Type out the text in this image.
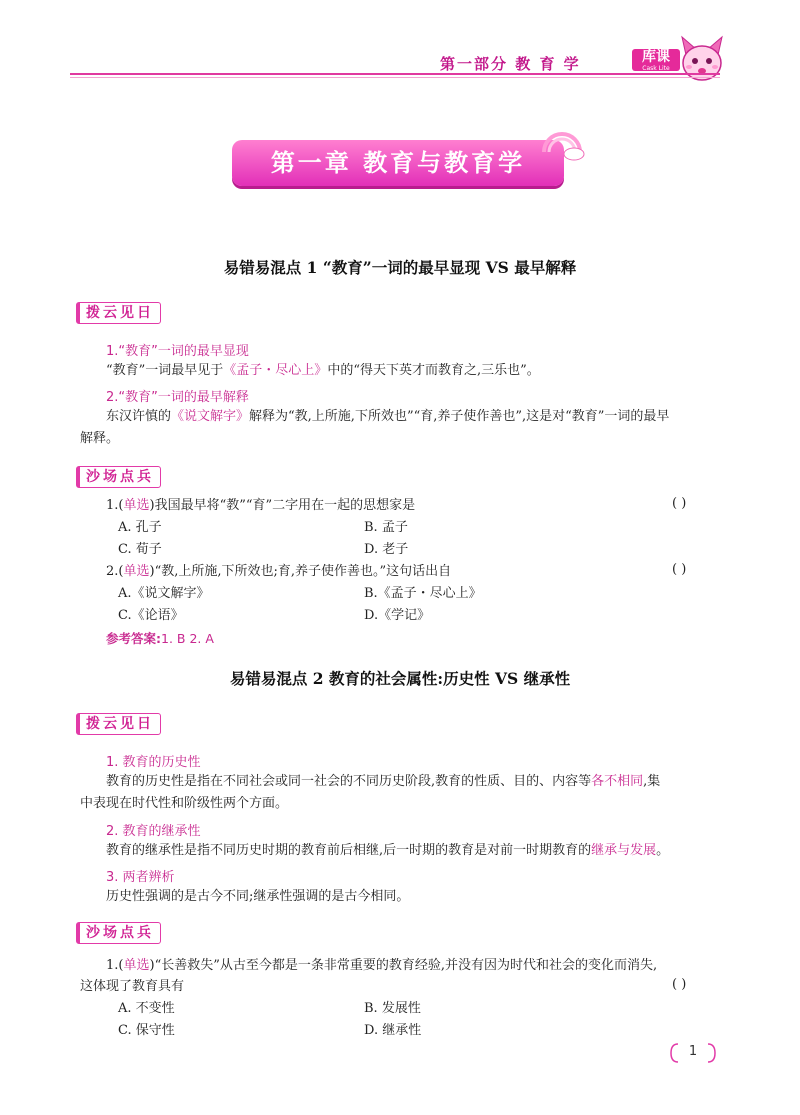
第一部分 教 育 学	库课
Cask Lite
第一章 教育与教育学
易错易混点 1 “教育”一词的最早显现 VS 最早解释
拨云见日
1.“教育”一词的最早显现
“教育”一词最早见于《孟子・尽心上》中的“得天下英才而教育之,三乐也”。
2.“教育”一词的最早解释
东汉许慎的《说文解字》解释为“教,上所施,下所效也”“育,养子使作善也”,这是对“教育”一词的最早
解释。
沙场点兵
1.(单选)我国最早将“教”“育”二字用在一起的思想家是	( )
A. 孔子	B. 孟子
C. 荀子	D. 老子
2.(单选)“教,上所施,下所效也;育,养子使作善也。”这句话出自	( )
A.《说文解字》	B.《孟子・尽心上》
C.《论语》	D.《学记》
参考答案:1. B 2. A
易错易混点 2 教育的社会属性:历史性 VS 继承性
拨云见日
1. 教育的历史性
教育的历史性是指在不同社会或同一社会的不同历史阶段,教育的性质、目的、内容等各不相同,集
中表现在时代性和阶级性两个方面。
2. 教育的继承性
教育的继承性是指不同历史时期的教育前后相继,后一时期的教育是对前一时期教育的继承与发展。
3. 两者辨析
历史性强调的是古今不同;继承性强调的是古今相同。
沙场点兵
1.(单选)“长善救失”从古至今都是一条非常重要的教育经验,并没有因为时代和社会的变化而消失,
这体现了教育具有	( )
A. 不变性	B. 发展性
C. 保守性	D. 继承性
1
